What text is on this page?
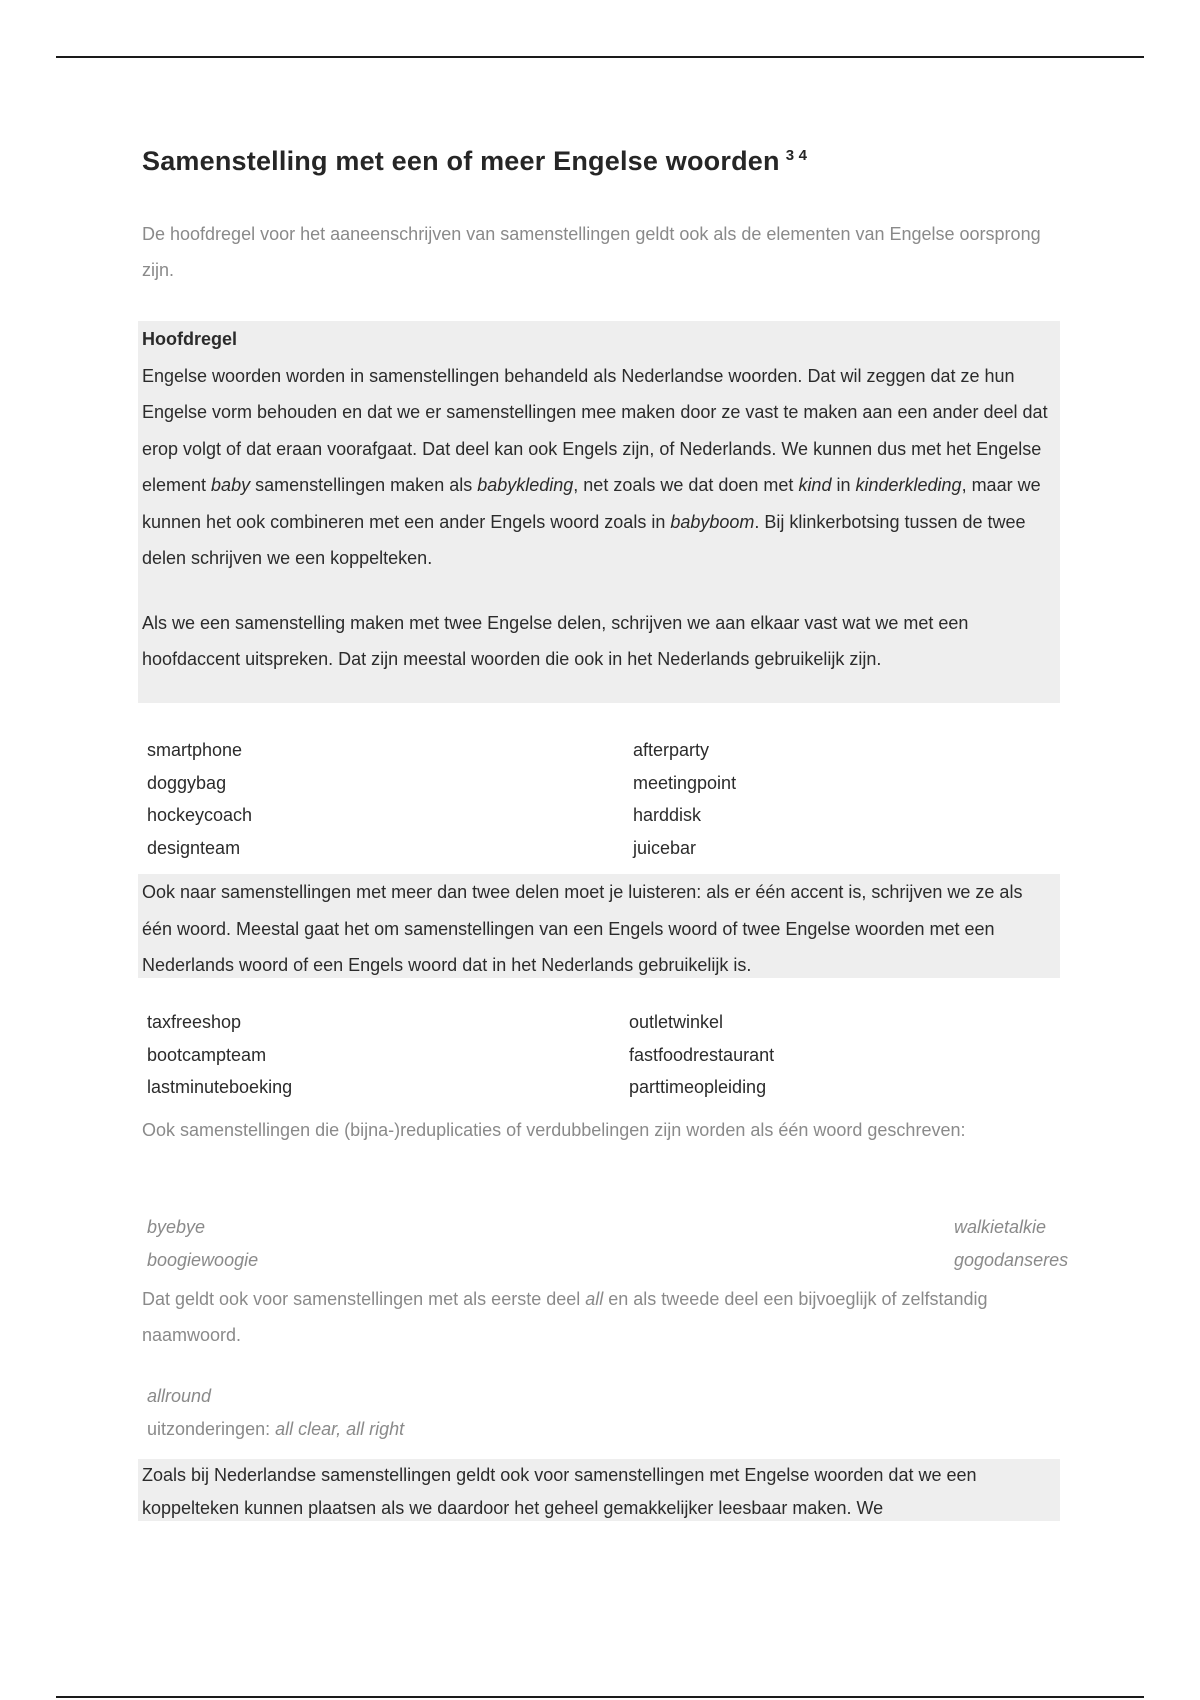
Samenstelling met een of meer Engelse woorden $^{3 4}$

De hoofdregel voor het aaneenschrijven van samenstellingen geldt ook als de elementen van Engelse oorsprong zijn.

Hoofdregel
Engelse woorden worden in samenstellingen behandeld als Nederlandse woorden. Dat wil zeggen dat ze hun Engelse vorm behouden en dat we er samenstellingen mee maken door ze vast te maken aan een ander deel dat erop volgt of dat eraan voorafgaat. Dat deel kan ook Engels zijn, of Nederlands. We kunnen dus met het Engelse element baby samenstellingen maken als babykleding, net zoals we dat doen met kind in kinderkleding, maar we kunnen het ook combineren met een ander Engels woord zoals in babyboom. Bij klinkerbotsing tussen de twee delen schrijven we een koppelteken.
Als we een samenstelling maken met twee Engelse delen, schrijven we aan elkaar vast wat we met een hoofdaccent uitspreken. Dat zijn meestal woorden die ook in het Nederlands gebruikelijk zijn.
smartphone
doggybag
hockeycoach
designteam
afterparty
meetingpoint
harddisk
juicebar
Ook naar samenstellingen met meer dan twee delen moet je luisteren: als er één accent is, schrijven we ze als één woord. Meestal gaat het om samenstellingen van een Engels woord of twee Engelse woorden met een Nederlands woord of een Engels woord dat in het Nederlands gebruikelijk is.
taxfreeshop
bootcampteam
lastminuteboeking
outletwinkel
fastfoodrestaurant
parttimeopleiding

Ook samenstellingen die (bijna-)reduplicaties of verdubbelingen zijn worden als één woord geschreven:

byebye
boogiewoogie
walkietalkie
gogodanseres

Dat geldt ook voor samenstellingen met als eerste deel all en als tweede deel een bijvoeglijk of zelfstandig naamwoord.

allround
uitzonderingen: all clear, all right
Zoals bij Nederlandse samenstellingen geldt ook voor samenstellingen met Engelse woorden dat we een koppelteken kunnen plaatsen als we daardoor het geheel gemakkelijker leesbaar maken. We
